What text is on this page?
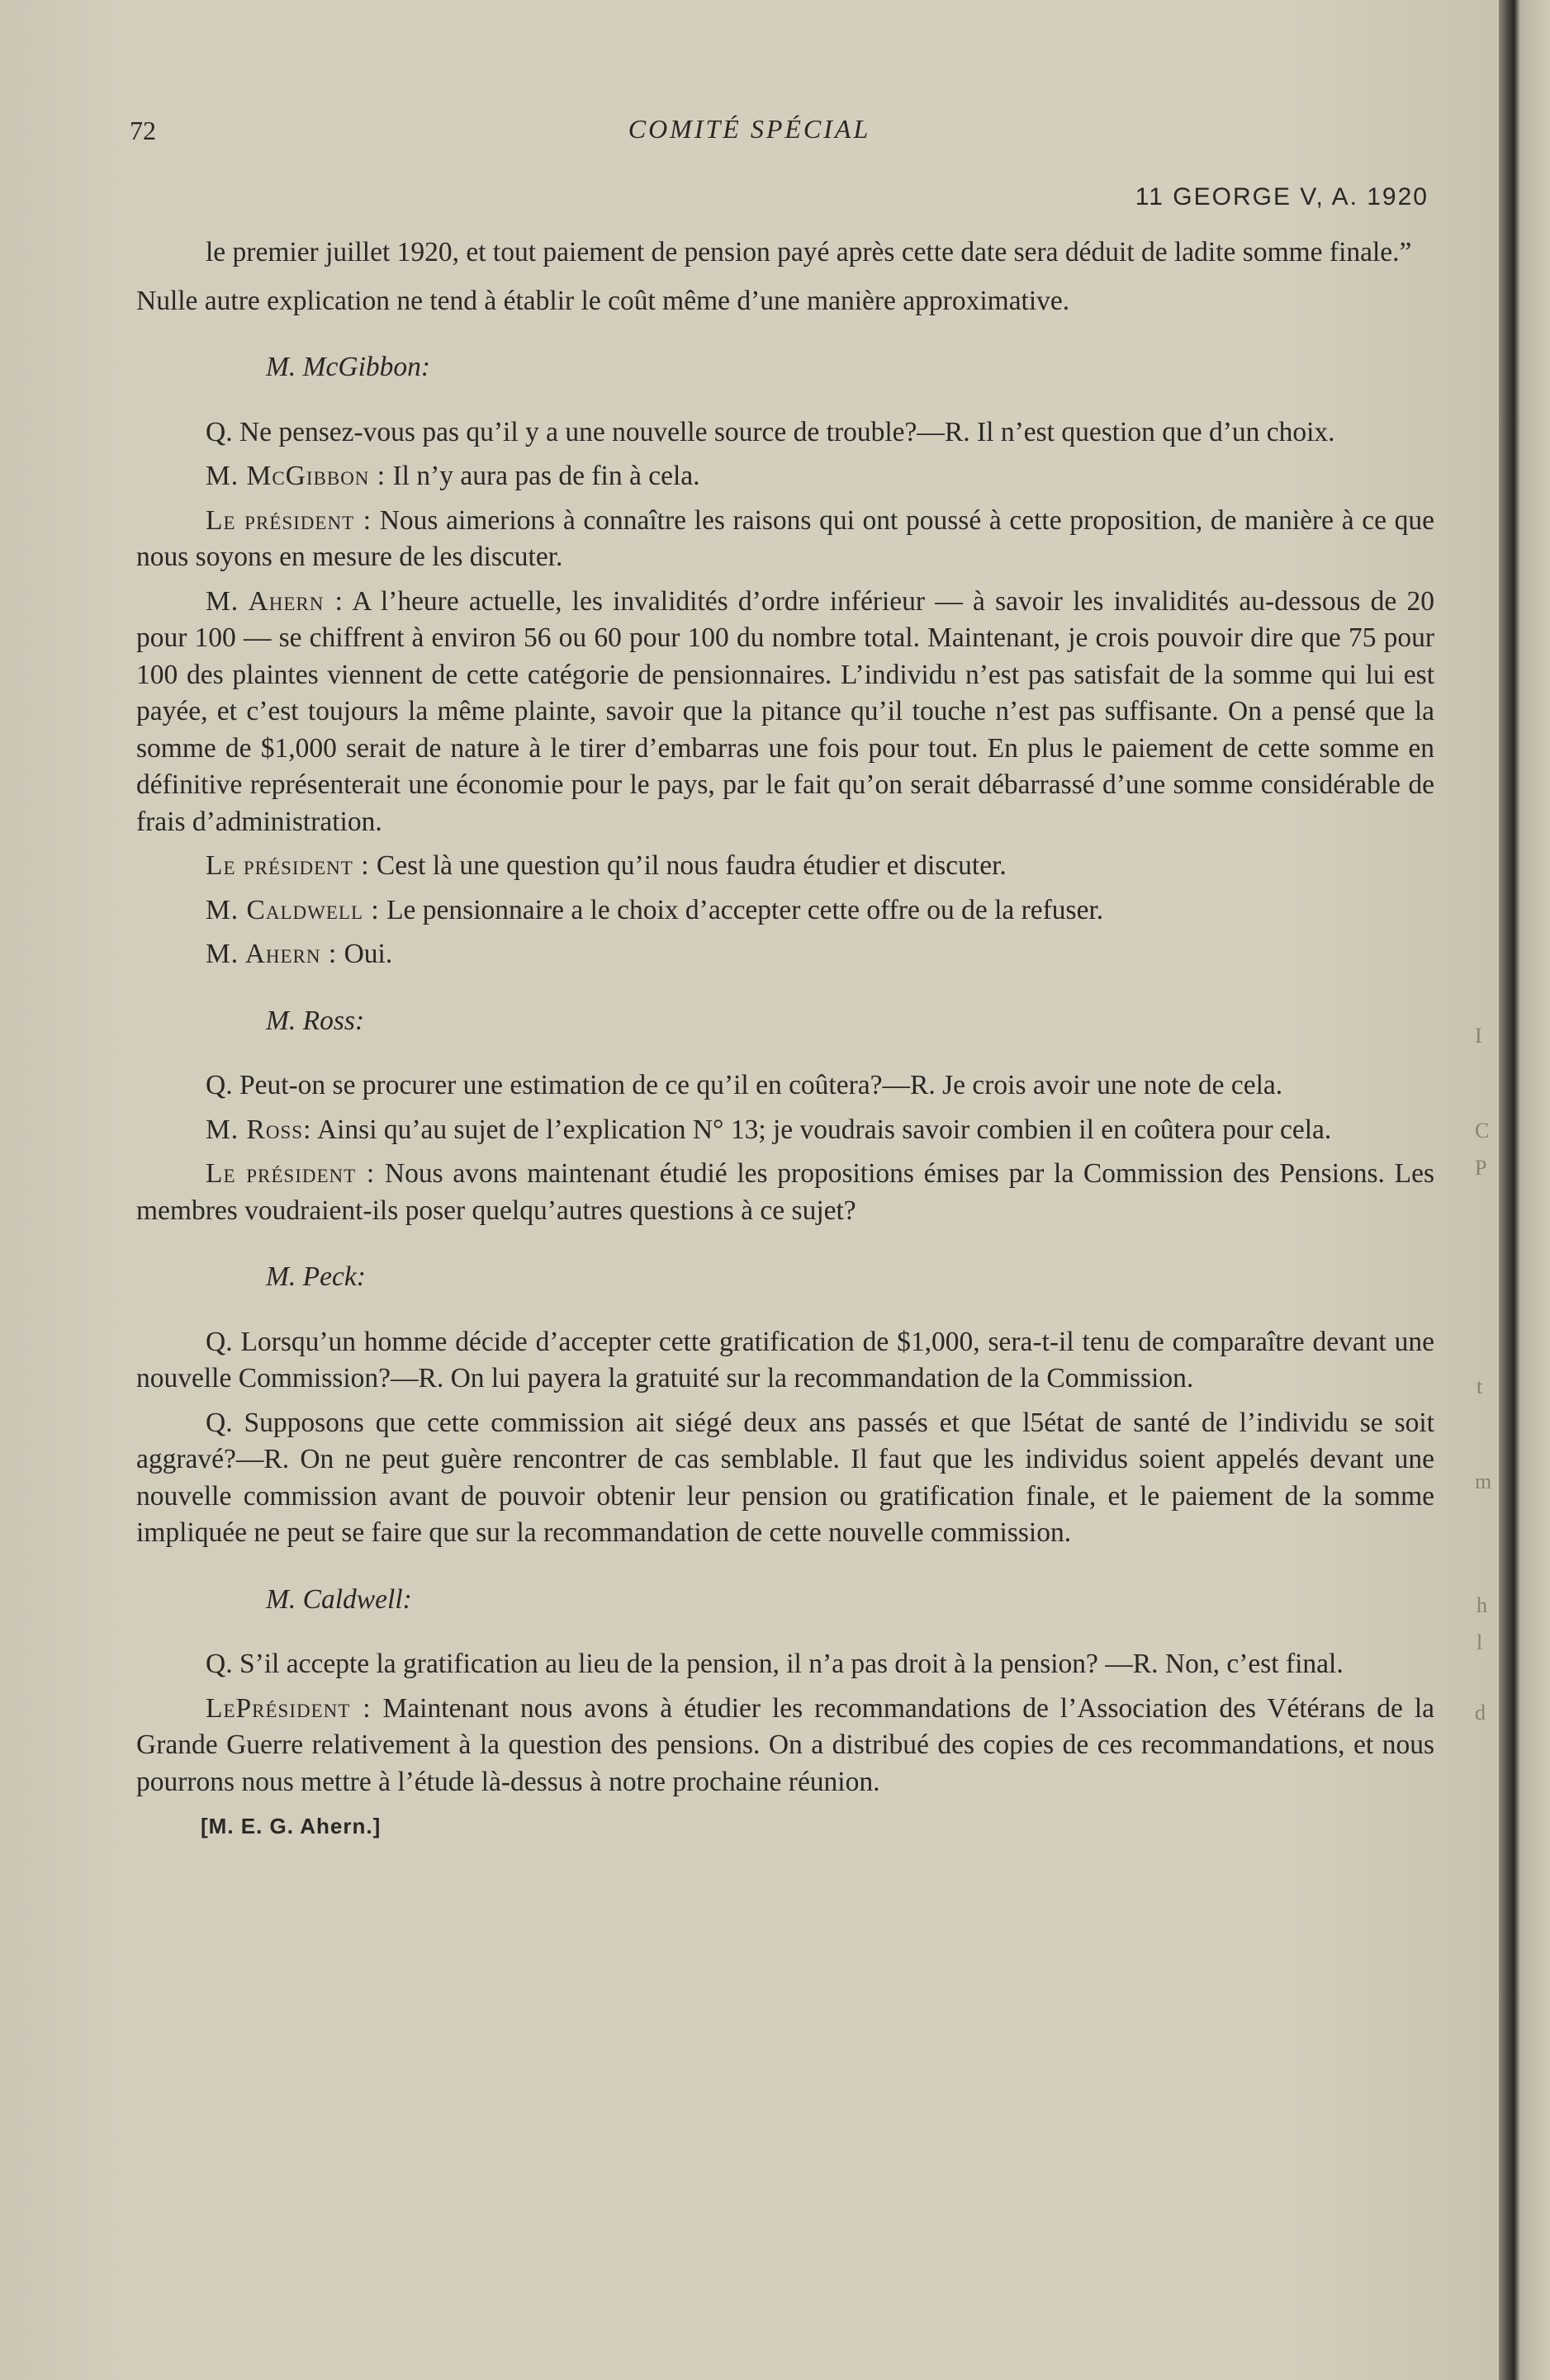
72	COMITÉ SPÉCIAL
11 GEORGE V, A. 1920

le premier juillet 1920, et tout paiement de pension payé après cette date sera déduit de ladite somme finale.”

Nulle autre explication ne tend à établir le coût même d’une manière approximative.

M. McGibbon:

Q. Ne pensez-vous pas qu’il y a une nouvelle source de trouble?—R. Il n’est question que d’un choix.

M. McGibbon : Il n’y aura pas de fin à cela.

Le président : Nous aimerions à connaître les raisons qui ont poussé à cette proposition, de manière à ce que nous soyons en mesure de les discuter.

M. Ahern : A l’heure actuelle, les invalidités d’ordre inférieur — à savoir les invalidités au-dessous de 20 pour 100 — se chiffrent à environ 56 ou 60 pour 100 du nombre total. Maintenant, je crois pouvoir dire que 75 pour 100 des plaintes viennent de cette catégorie de pensionnaires. L’individu n’est pas satisfait de la somme qui lui est payée, et c’est toujours la même plainte, savoir que la pitance qu’il touche n’est pas suffisante. On a pensé que la somme de $1,000 serait de nature à le tirer d’embarras une fois pour tout. En plus le paiement de cette somme en définitive représenterait une économie pour le pays, par le fait qu’on serait débarrassé d’une somme considérable de frais d’administration.

Le président : Cest là une question qu’il nous faudra étudier et discuter.

M. Caldwell : Le pensionnaire a le choix d’accepter cette offre ou de la refuser.

M. Ahern : Oui.

M. Ross:

Q. Peut-on se procurer une estimation de ce qu’il en coûtera?—R. Je crois avoir une note de cela.

M. Ross: Ainsi qu’au sujet de l’explication N° 13; je voudrais savoir combien il en coûtera pour cela.

Le président : Nous avons maintenant étudié les propositions émises par la Commission des Pensions. Les membres voudraient-ils poser quelqu’autres questions à ce sujet?

M. Peck:

Q. Lorsqu’un homme décide d’accepter cette gratification de $1,000, sera-t-il tenu de comparaître devant une nouvelle Commission?—R. On lui payera la gratuité sur la recommandation de la Commission.

Q. Supposons que cette commission ait siégé deux ans passés et que l5état de santé de l’individu se soit aggravé?—R. On ne peut guère rencontrer de cas semblable. Il faut que les individus soient appelés devant une nouvelle commission avant de pouvoir obtenir leur pension ou gratification finale, et le paiement de la somme impliquée ne peut se faire que sur la recommandation de cette nouvelle commission.

M. Caldwell:

Q. S’il accepte la gratification au lieu de la pension, il n’a pas droit à la pension? —R. Non, c’est final.

LePrésident : Maintenant nous avons à étudier les recommandations de l’Association des Vétérans de la Grande Guerre relativement à la question des pensions. On a distribué des copies de ces recommandations, et nous pourrons nous mettre à l’étude là-dessus à notre prochaine réunion.

[M. E. G. Ahern.]
I
C
P
t
m
h
l
d
